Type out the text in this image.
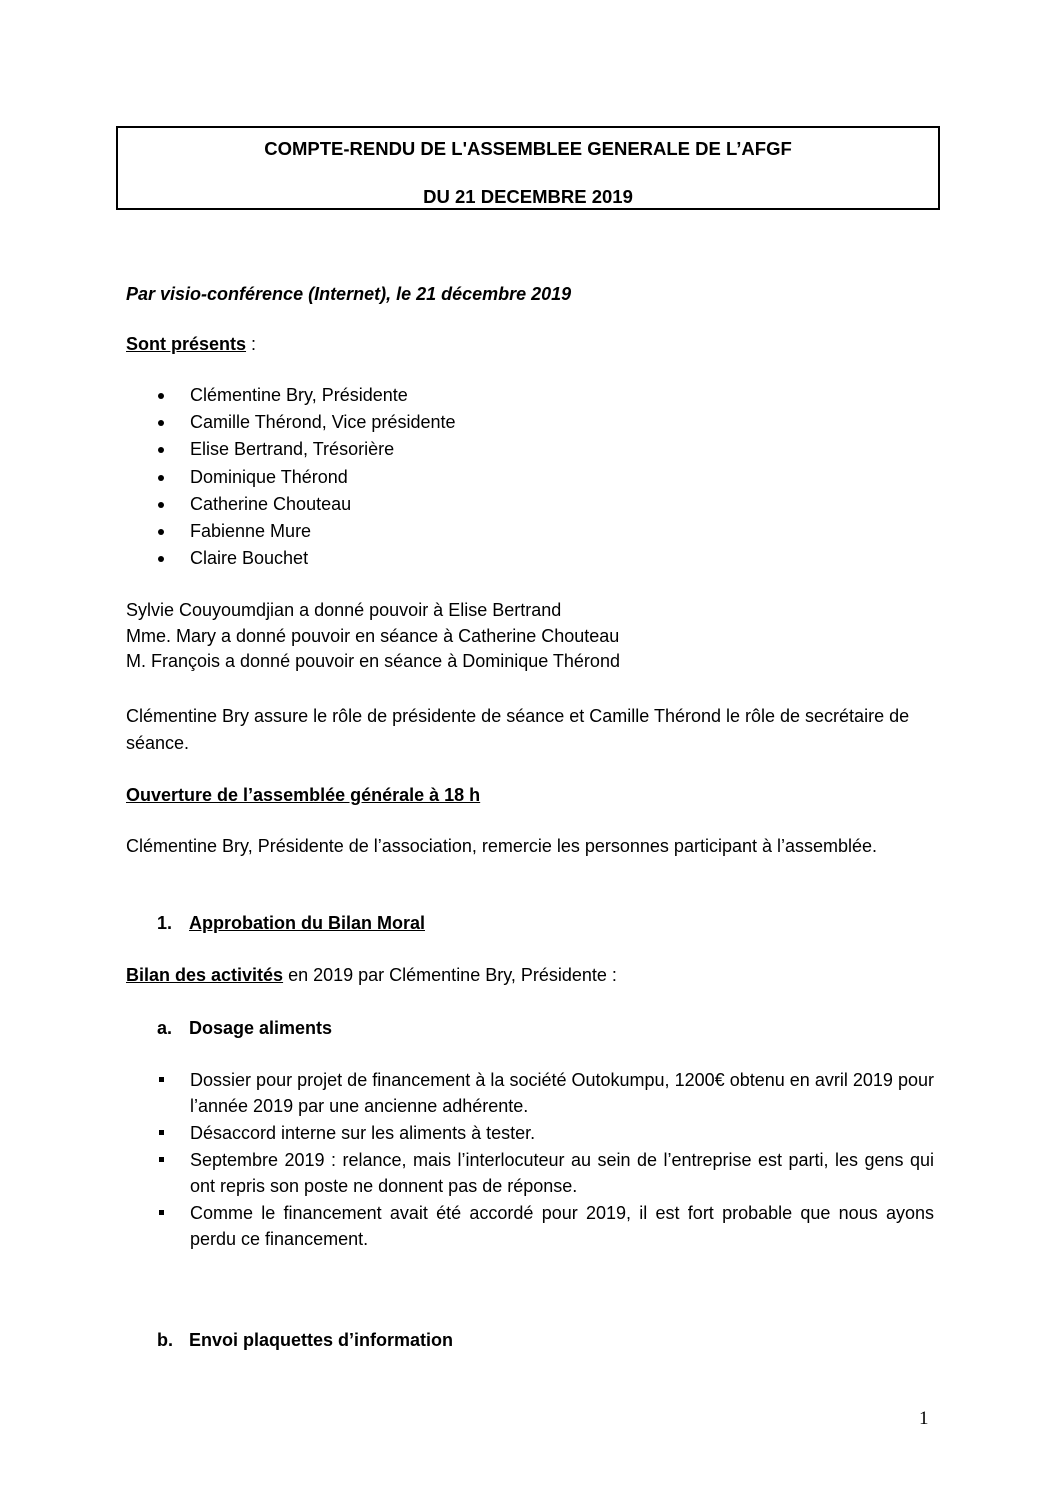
COMPTE-RENDU DE L'ASSEMBLEE GENERALE DE L’AFGF
DU 21 DECEMBRE 2019
Par visio-conférence (Internet), le 21 décembre 2019
Sont présents :
Clémentine Bry, Présidente
Camille Thérond, Vice présidente
Elise Bertrand, Trésorière
Dominique Thérond
Catherine Chouteau
Fabienne Mure
Claire Bouchet
Sylvie Couyoumdjian a donné pouvoir à Elise Bertrand
Mme. Mary a donné pouvoir en séance à Catherine Chouteau
M. François a donné pouvoir en séance à Dominique Thérond
Clémentine Bry assure le rôle de présidente de séance et Camille Thérond le rôle de secrétaire de séance.
Ouverture de l’assemblée générale à 18 h
Clémentine Bry, Présidente de l’association, remercie les personnes participant à l’assemblée.
1. Approbation du Bilan Moral
Bilan des activités en 2019 par Clémentine Bry, Présidente :
a. Dosage aliments
Dossier pour projet de financement à la société Outokumpu, 1200€ obtenu en avril 2019 pour l’année 2019 par une ancienne adhérente.
Désaccord interne sur les aliments à tester.
Septembre 2019 : relance, mais l’interlocuteur au sein de l’entreprise est parti, les gens qui ont repris son poste ne donnent pas de réponse.
Comme le financement avait été accordé pour 2019, il est fort probable que nous ayons perdu ce financement.
b. Envoi plaquettes d’information
1
